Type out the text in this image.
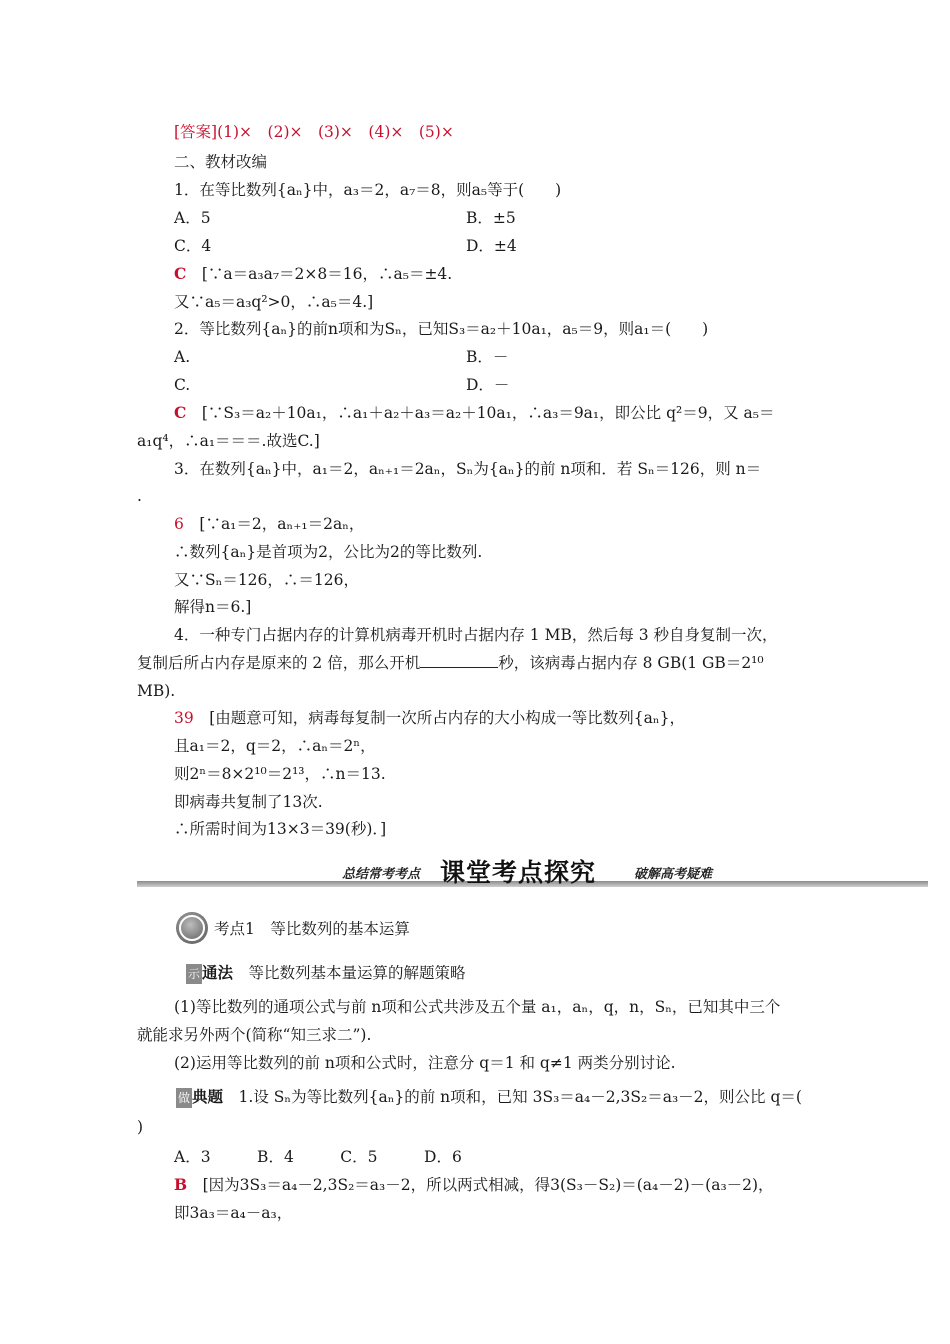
[答案](1)×　(2)×　(3)×　(4)×　(5)×
二、教材改编
1．在等比数列{aₙ}中，a₃＝2，a₇＝8，则a₅等于(　　)
A．5	B．±5
C．4	D．±4
C　 [∵a＝a₃a₇＝2×8＝16，∴a₅＝±4.
又∵a₅＝a₃q²>0，∴a₅＝4.]
2．等比数列{aₙ}的前n项和为Sₙ，已知S₃＝a₂＋10a₁，a₅＝9，则a₁＝(　　)
A.	B．－
C.	D．－
C　 [∵S₃＝a₂＋10a₁，∴a₁＋a₂＋a₃＝a₂＋10a₁，∴a₃＝9a₁，即公比 q²＝9，又 a₅＝
a₁q⁴，∴a₁＝＝＝.故选C.]
3．在数列{aₙ}中，a₁＝2，aₙ₊₁＝2aₙ，Sₙ为{aₙ}的前 n项和．若 Sₙ＝126，则 n＝
.
6　 [∵a₁＝2，aₙ₊₁＝2aₙ，
∴数列{aₙ}是首项为2，公比为2的等比数列.
又∵Sₙ＝126，∴＝126，
解得n＝6.]
4．一种专门占据内存的计算机病毒开机时占据内存 1 MB，然后每 3 秒自身复制一次，
复制后所占内存是原来的 2 倍，那么开机	秒，该病毒占据内存 8 GB(1 GB＝2¹⁰
MB).
39　 [由题意可知，病毒每复制一次所占内存的大小构成一等比数列{aₙ}，
且a₁＝2，q＝2，∴aₙ＝2ⁿ，
则2ⁿ＝8×2¹⁰＝2¹³，∴n＝13.
即病毒共复制了13次.
∴所需时间为13×3＝39(秒)．]
总结常考考点 课堂考点探究	破解高考疑难
考点1　等比数列的基本运算
示 通法　 等比数列基本量运算的解题策略
(1)等比数列的通项公式与前 n项和公式共涉及五个量 a₁，aₙ，q，n，Sₙ，已知其中三个
就能求另外两个(简称“知三求二”).
(2)运用等比数列的前 n项和公式时，注意分 q＝1 和 q≠1 两类分别讨论.
做 典题　 1.设 Sₙ为等比数列{aₙ}的前 n项和，已知 3S₃＝a₄－2,3S₂＝a₃－2，则公比 q＝(
)
A．3　　　B．4　　　C．5　　　D．6
B　 [因为3S₃＝a₄－2,3S₂＝a₃－2，所以两式相减，得3(S₃－S₂)＝(a₄－2)－(a₃－2)，
即3a₃＝a₄－a₃，
